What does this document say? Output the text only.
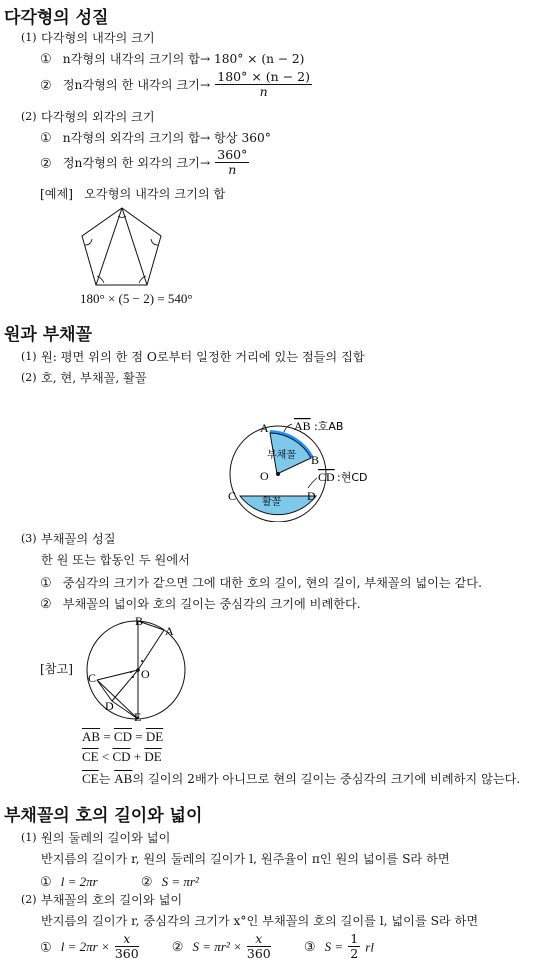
다각형의 성질
(1) 다각형의 내각의 크기
① n각형의 내각의 크기의 합→ 180° × (n − 2)
② 정n각형의 한 내각의 크기→ $\frac{180^\circ \times (n - 2)}{n}$
(2) 다각형의 외각의 크기
① n각형의 외각의 크기의 합→ 항상 360°
② 정n각형의 한 외각의 크기→ $\frac{360^\circ}{n}$
[예제] 오각형의 내각의 크기의 합
180° × (5 − 2) = 540°
원과 부채꼴
(1) 원: 평면 위의 한 점 O로부터 일정한 거리에 있는 점들의 집합
(2) 호, 현, 부채꼴, 활꼴
A
B
C	D
O
부채꼴
활꼴
AB :호AB
CD :현CD
(3) 부채꼴의 성질
한 원 또는 합동인 두 원에서
① 중심각의 크기가 같으면 그에 대한 호의 길이, 현의 길이, 부채꼴의 넓이는 같다.
② 부채꼴의 넓이와 호의 길이는 중심각의 크기에 비례한다.
[참고]
B
A
C
D
E
O
$\overline{AB} = \overline{CD} = \overline{DE}$
$\overline{CE} < \overline{CD} + \overline{DE}$
$\overline{CE}$는 $\overline{AB}$의 길이의 2배가 아니므로 현의 길이는 중심각의 크기에 비례하지 않는다.
부채꼴의 호의 길이와 넓이
(1) 원의 둘레의 길이와 넓이
반지름의 길이가 r, 원의 둘레의 길이가 l, 원주율이 π인 원의 넓이를 S라 하면
① l = 2πr	② S = πr²
(2) 부채꼴의 호의 길이와 넓이
반지름의 길이가 r, 중심각의 크기가 x°인 부채꼴의 호의 길이를 l, 넓이를 S라 하면
① $l = 2\pi r \times \frac{x}{360}$	② $S = \pi r^2 \times \frac{x}{360}$	③ $S = \frac{1}{2}$ rl
